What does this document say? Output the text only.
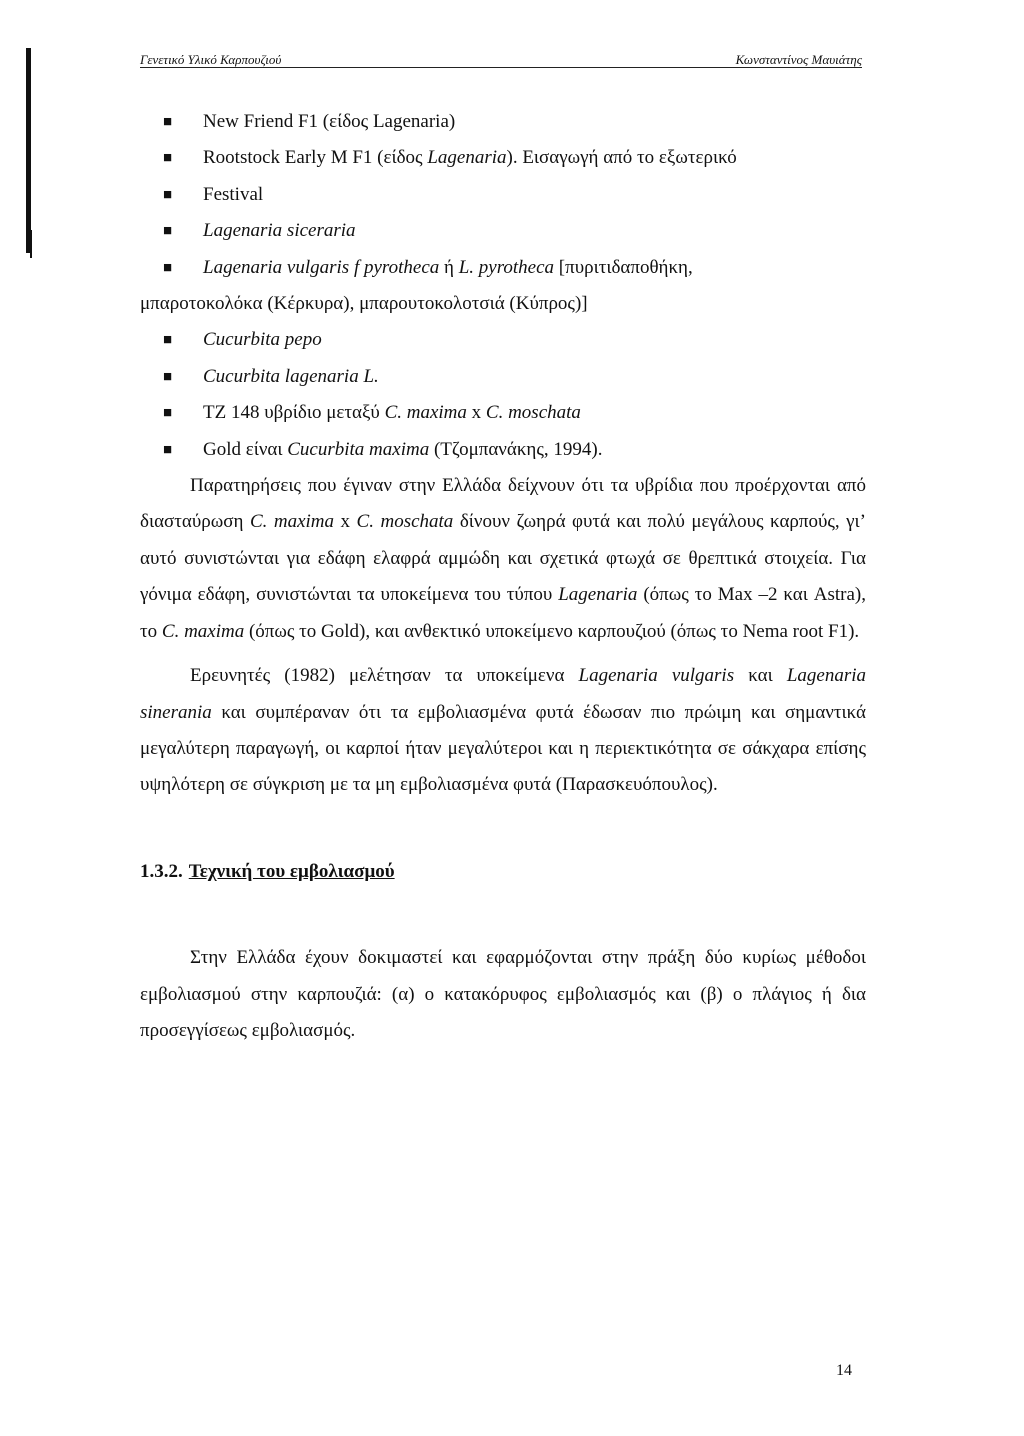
Γενετικό Υλικό Καρπουζιού	Κωνσταντίνος Μαυιάτης
■ New Friend F1 (είδος Lagenaria)
■ Rootstock Early M F1 (είδος Lagenaria). Εισαγωγή από το εξωτερικό
■ Festival
■ Lagenaria siceraria
■	Lagenaria vulgaris f pyrotheca ή L. pyrotheca [πυριτιδαποθήκη,
μπαροτοκολόκα (Κέρκυρα), μπαρουτοκολοτσιά (Κύπρος)]
■ Cucurbita pepo
■ Cucurbita lagenaria L.
■ ΤΖ 148 υβρίδιο μεταξύ C. maxima x C. moschata
■ Gold είναι Cucurbita maxima (Τζομπανάκης, 1994).

Παρατηρήσεις που έγιναν στην Ελλάδα δείχνουν ότι τα υβρίδια που προέρχονται από διασταύρωση C. maxima x C. moschata δίνουν ζωηρά φυτά και πολύ μεγάλους καρπούς, γι’ αυτό συνιστώνται για εδάφη ελαφρά αμμώδη και σχετικά φτωχά σε θρεπτικά στοιχεία. Για γόνιμα εδάφη, συνιστώνται τα υποκείμενα του τύπου Lagenaria (όπως το Max –2 και Astra), το C. maxima (όπως το Gold), και ανθεκτικό υποκείμενο καρπουζιού (όπως το Nema root F1).

Ερευνητές (1982) μελέτησαν τα υποκείμενα Lagenaria vulgaris και Lagenaria sinerania και συμπέραναν ότι τα εμβολιασμένα φυτά έδωσαν πιο πρώιμη και σημαντικά μεγαλύτερη παραγωγή, οι καρποί ήταν μεγαλύτεροι και η περιεκτικότητα σε σάκχαρα επίσης υψηλότερη σε σύγκριση με τα μη εμβολιασμένα φυτά (Παρασκευόπουλος).

1.3.2. Τεχνική του εμβολιασμού

Στην Ελλάδα έχουν δοκιμαστεί και εφαρμόζονται στην πράξη δύο κυρίως μέθοδοι εμβολιασμού στην καρπουζιά: (α) ο κατακόρυφος εμβολιασμός και (β) ο πλάγιος ή δια προσεγγίσεως εμβολιασμός.

14
